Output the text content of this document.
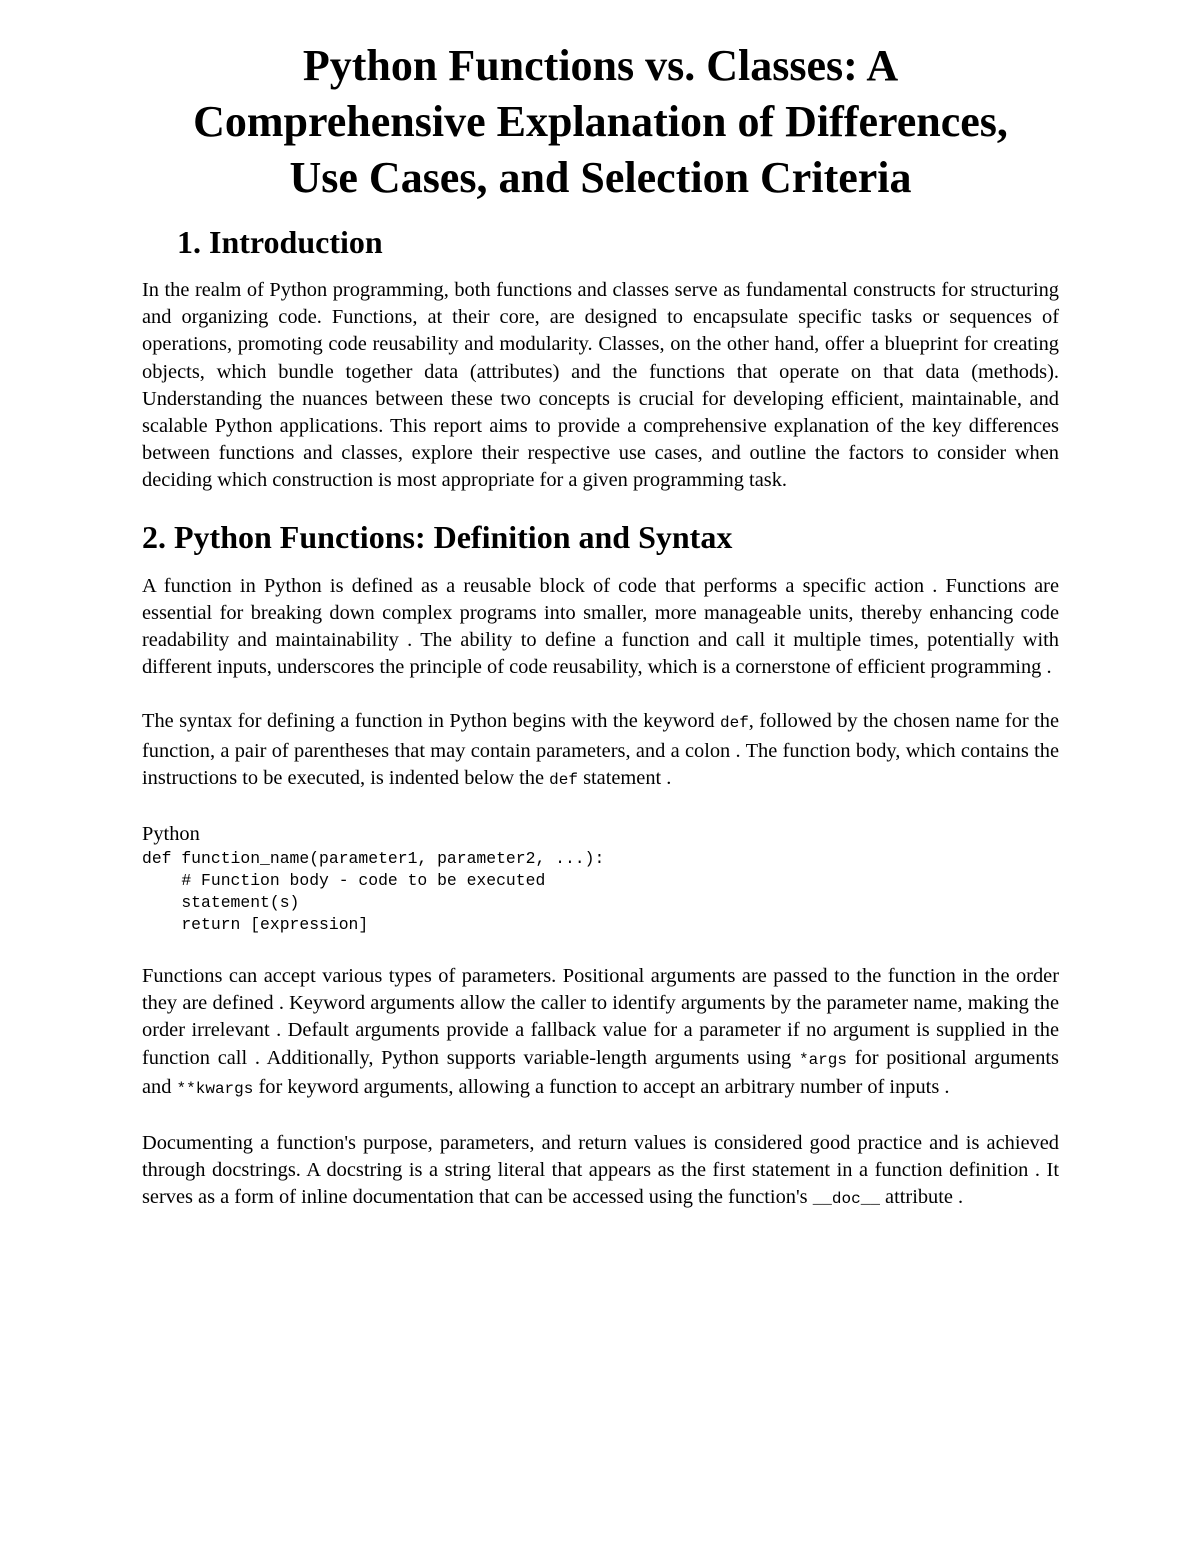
Python Functions vs. Classes: A
Comprehensive Explanation of Differences,
Use Cases, and Selection Criteria
1. Introduction

In the realm of Python programming, both functions and classes serve as fundamental constructs for structuring and organizing code. Functions, at their core, are designed to encapsulate specific tasks or sequences of operations, promoting code reusability and modularity. Classes, on the other hand, offer a blueprint for creating objects, which bundle together data (attributes) and the functions that operate on that data (methods). Understanding the nuances between these two concepts is crucial for developing efficient, maintainable, and scalable Python applications. This report aims to provide a comprehensive explanation of the key differences between functions and classes, explore their respective use cases, and outline the factors to consider when deciding which construction is most appropriate for a given programming task.

2. Python Functions: Definition and Syntax

A function in Python is defined as a reusable block of code that performs a specific action . Functions are essential for breaking down complex programs into smaller, more manageable units, thereby enhancing code readability and maintainability . The ability to define a function and call it multiple times, potentially with different inputs, underscores the principle of code reusability, which is a cornerstone of efficient programming .

The syntax for defining a function in Python begins with the keyword def, followed by the chosen name for the function, a pair of parentheses that may contain parameters, and a colon . The function body, which contains the instructions to be executed, is indented below the def statement .

Python
def function_name(parameter1, parameter2, ...):
# Function body - code to be executed
statement(s)
return [expression]

Functions can accept various types of parameters. Positional arguments are passed to the function in the order they are defined . Keyword arguments allow the caller to identify arguments by the parameter name, making the order irrelevant . Default arguments provide a fallback value for a parameter if no argument is supplied in the function call . Additionally, Python supports variable-length arguments using *args for positional arguments and **kwargs for keyword arguments, allowing a function to accept an arbitrary number of inputs .

Documenting a function's purpose, parameters, and return values is considered good practice and is achieved through docstrings. A docstring is a string literal that appears as the first statement in a function definition . It serves as a form of inline documentation that can be accessed using the function's __doc__ attribute .
